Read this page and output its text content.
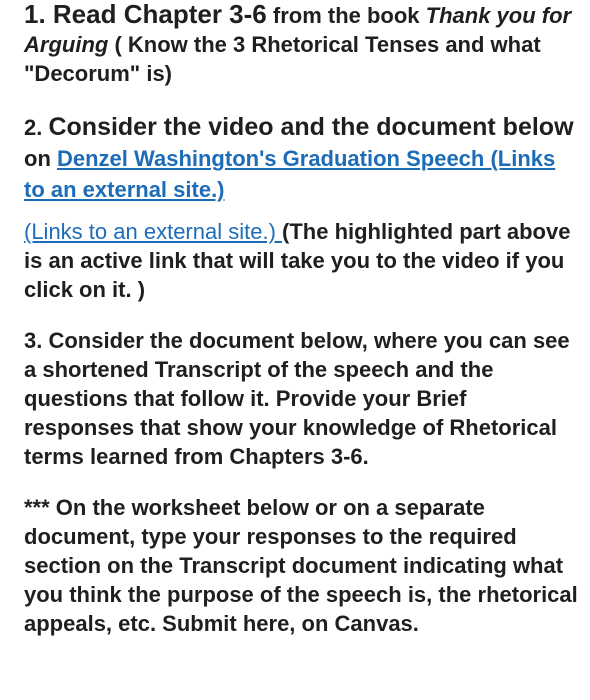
1. Read Chapter 3-6 from the book Thank you for Arguing ( Know the 3 Rhetorical Tenses and what "Decorum" is)

2. Consider the video and the document below on Denzel Washington's Graduation Speech (Links to an external site.)

(Links to an external site.) (The highlighted part above is an active link that will take you to the video if you click on it. )

3. Consider the document below, where you can see a shortened Transcript of the speech and the questions that follow it. Provide your Brief responses that show your knowledge of Rhetorical terms learned from Chapters 3-6.

*** On the worksheet below or on a separate document, type your responses to the required section on the Transcript document indicating what you think the purpose of the speech is, the rhetorical appeals, etc. Submit here, on Canvas.
